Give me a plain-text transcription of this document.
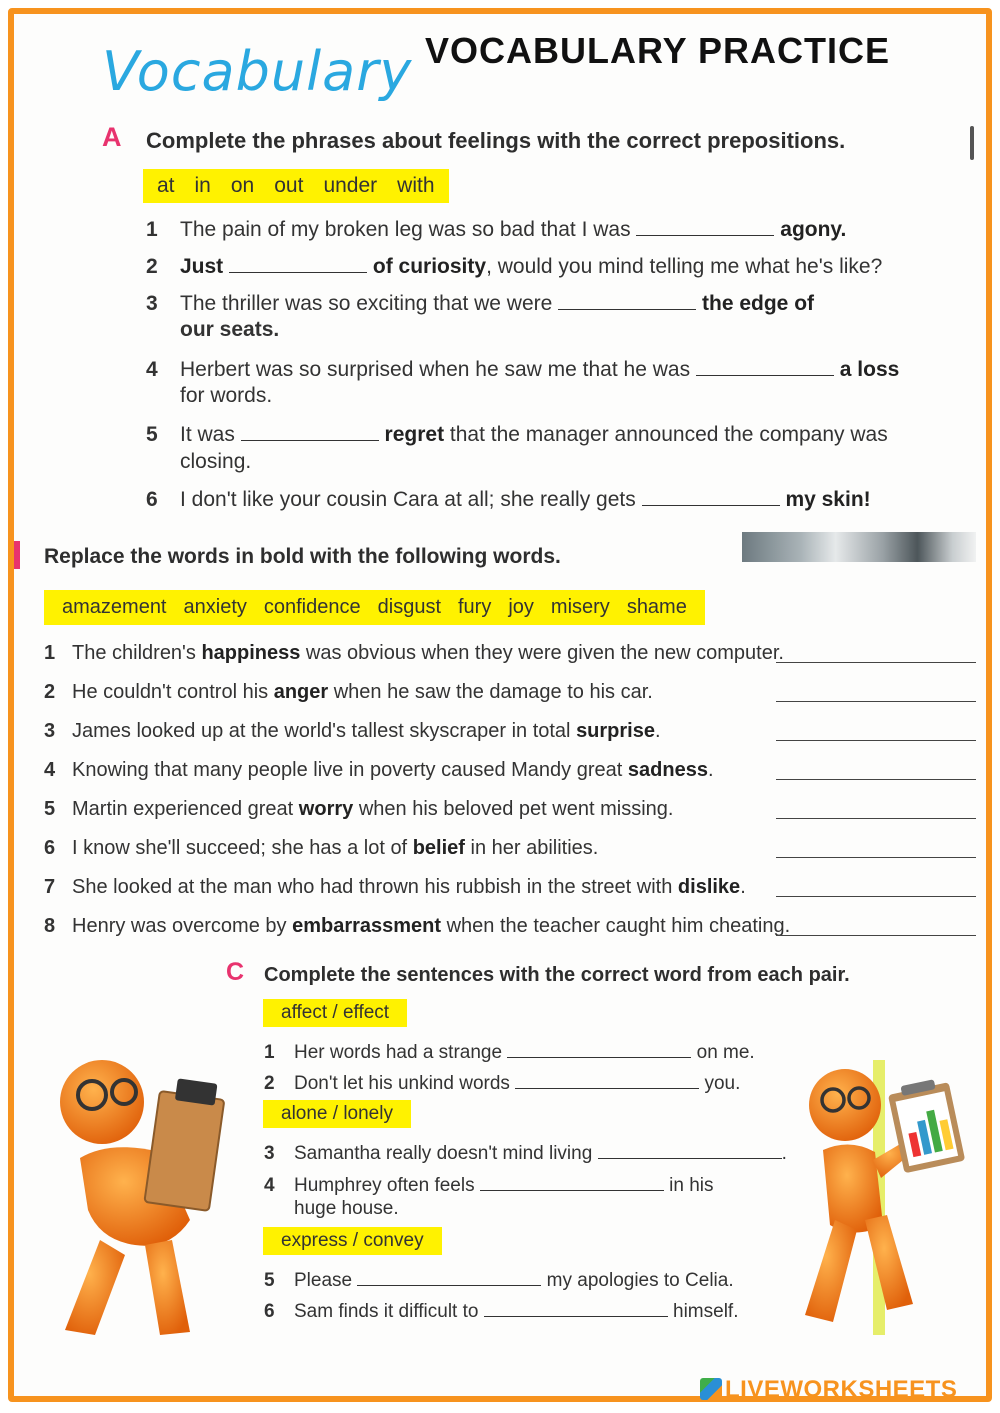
VOCABULARY PRACTICE
Vocabulary
A Complete the phrases about feelings with the correct prepositions.
at in on out under with
1 The pain of my broken leg was so bad that I was	agony.
2 Just	of curiosity, would you mind telling me what he's like?
3 The thriller was so exciting that we were	the edge of
our seats.
4 Herbert was so surprised when he saw me that he was	a loss
for words.
5 It was	regret that the manager announced the company was
closing.
6 I don't like your cousin Cara at all; she really gets	my skin!
Replace the words in bold with the following words.
amazement anxiety confidence disgust fury joy misery shame
1 The children's happiness was obvious when they were given the new computer.
2 He couldn't control his anger when he saw the damage to his car.
3 James looked up at the world's tallest skyscraper in total surprise.
4 Knowing that many people live in poverty caused Mandy great sadness.
5 Martin experienced great worry when his beloved pet went missing.
6 I know she'll succeed; she has a lot of belief in her abilities.
7 She looked at the man who had thrown his rubbish in the street with dislike.
8 Henry was overcome by embarrassment when the teacher caught him cheating.
C Complete the sentences with the correct word from each pair.
affect / effect
1 Her words had a strange	on me.
2 Don't let his unkind words	you.
alone / lonely
3 Samantha really doesn't mind living	.
4 Humphrey often feels	in his
huge house.
express / convey
5 Please	my apologies to Celia.
6 Sam finds it difficult to	himself.
LIVEWORKSHEETS
